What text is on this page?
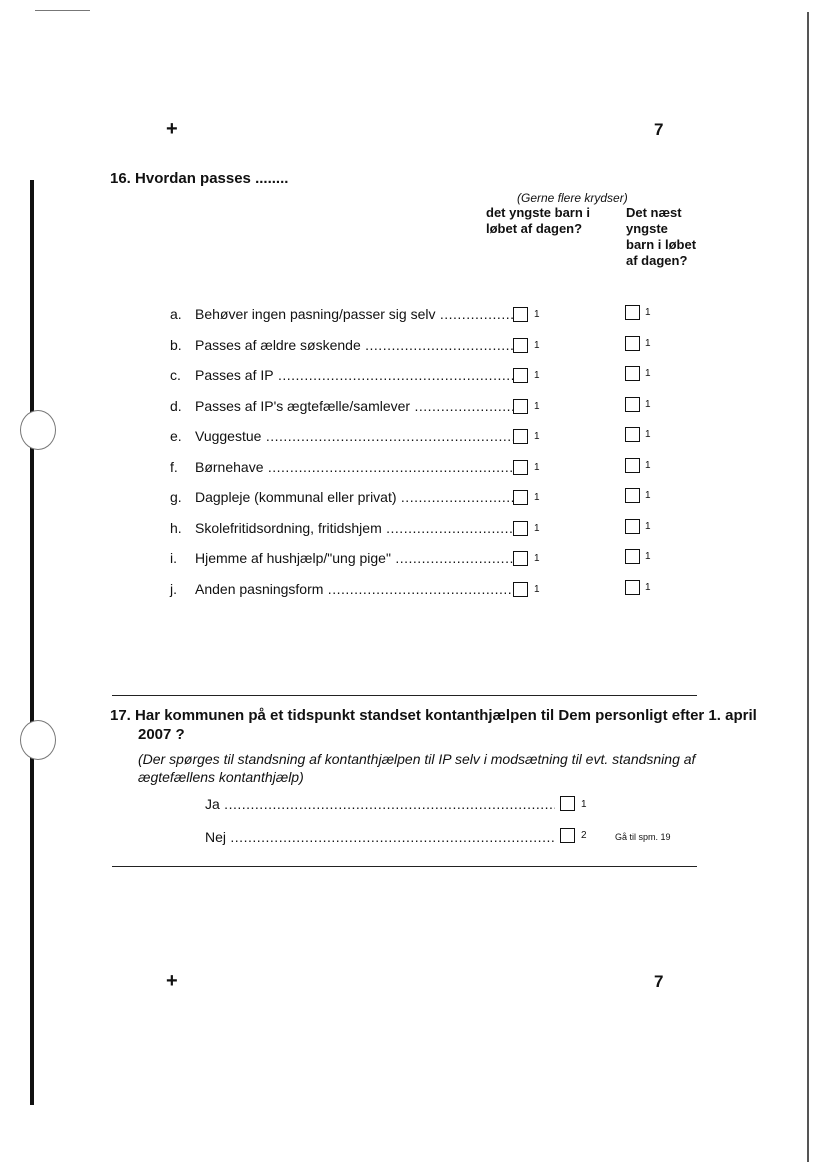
+	7
16. Hvordan passes ........
(Gerne flere krydser)
det yngste barn i
løbet af dagen?
Det næst
yngste
barn i løbet
af dagen?
a. Behøver ingen pasning/passer sig selv .....	1	1
b. Passes af ældre søskende .....	1	1
c. Passes af IP .....	1	1
d. Passes af IP's ægtefælle/samlever .....	1	1
e. Vuggestue .....	1	1
f. Børnehave .....	1	1
g. Dagpleje (kommunal eller privat) .....	1	1
h. Skolefritidsordning, fritidshjem .....	1	1
i. Hjemme af hushjælp/"ung pige" .....	1	1
j. Anden pasningsform .....	1	1
17. Har kommunen på et tidspunkt standset kontanthjælpen til Dem personligt efter 1. april
2007 ?
(Der spørges til standsning af kontanthjælpen til IP selv i modsætning til evt. standsning af
ægtefællens kontanthjælp)
Ja .....	1
Nej .....	2	Gå til spm. 19
+	7
